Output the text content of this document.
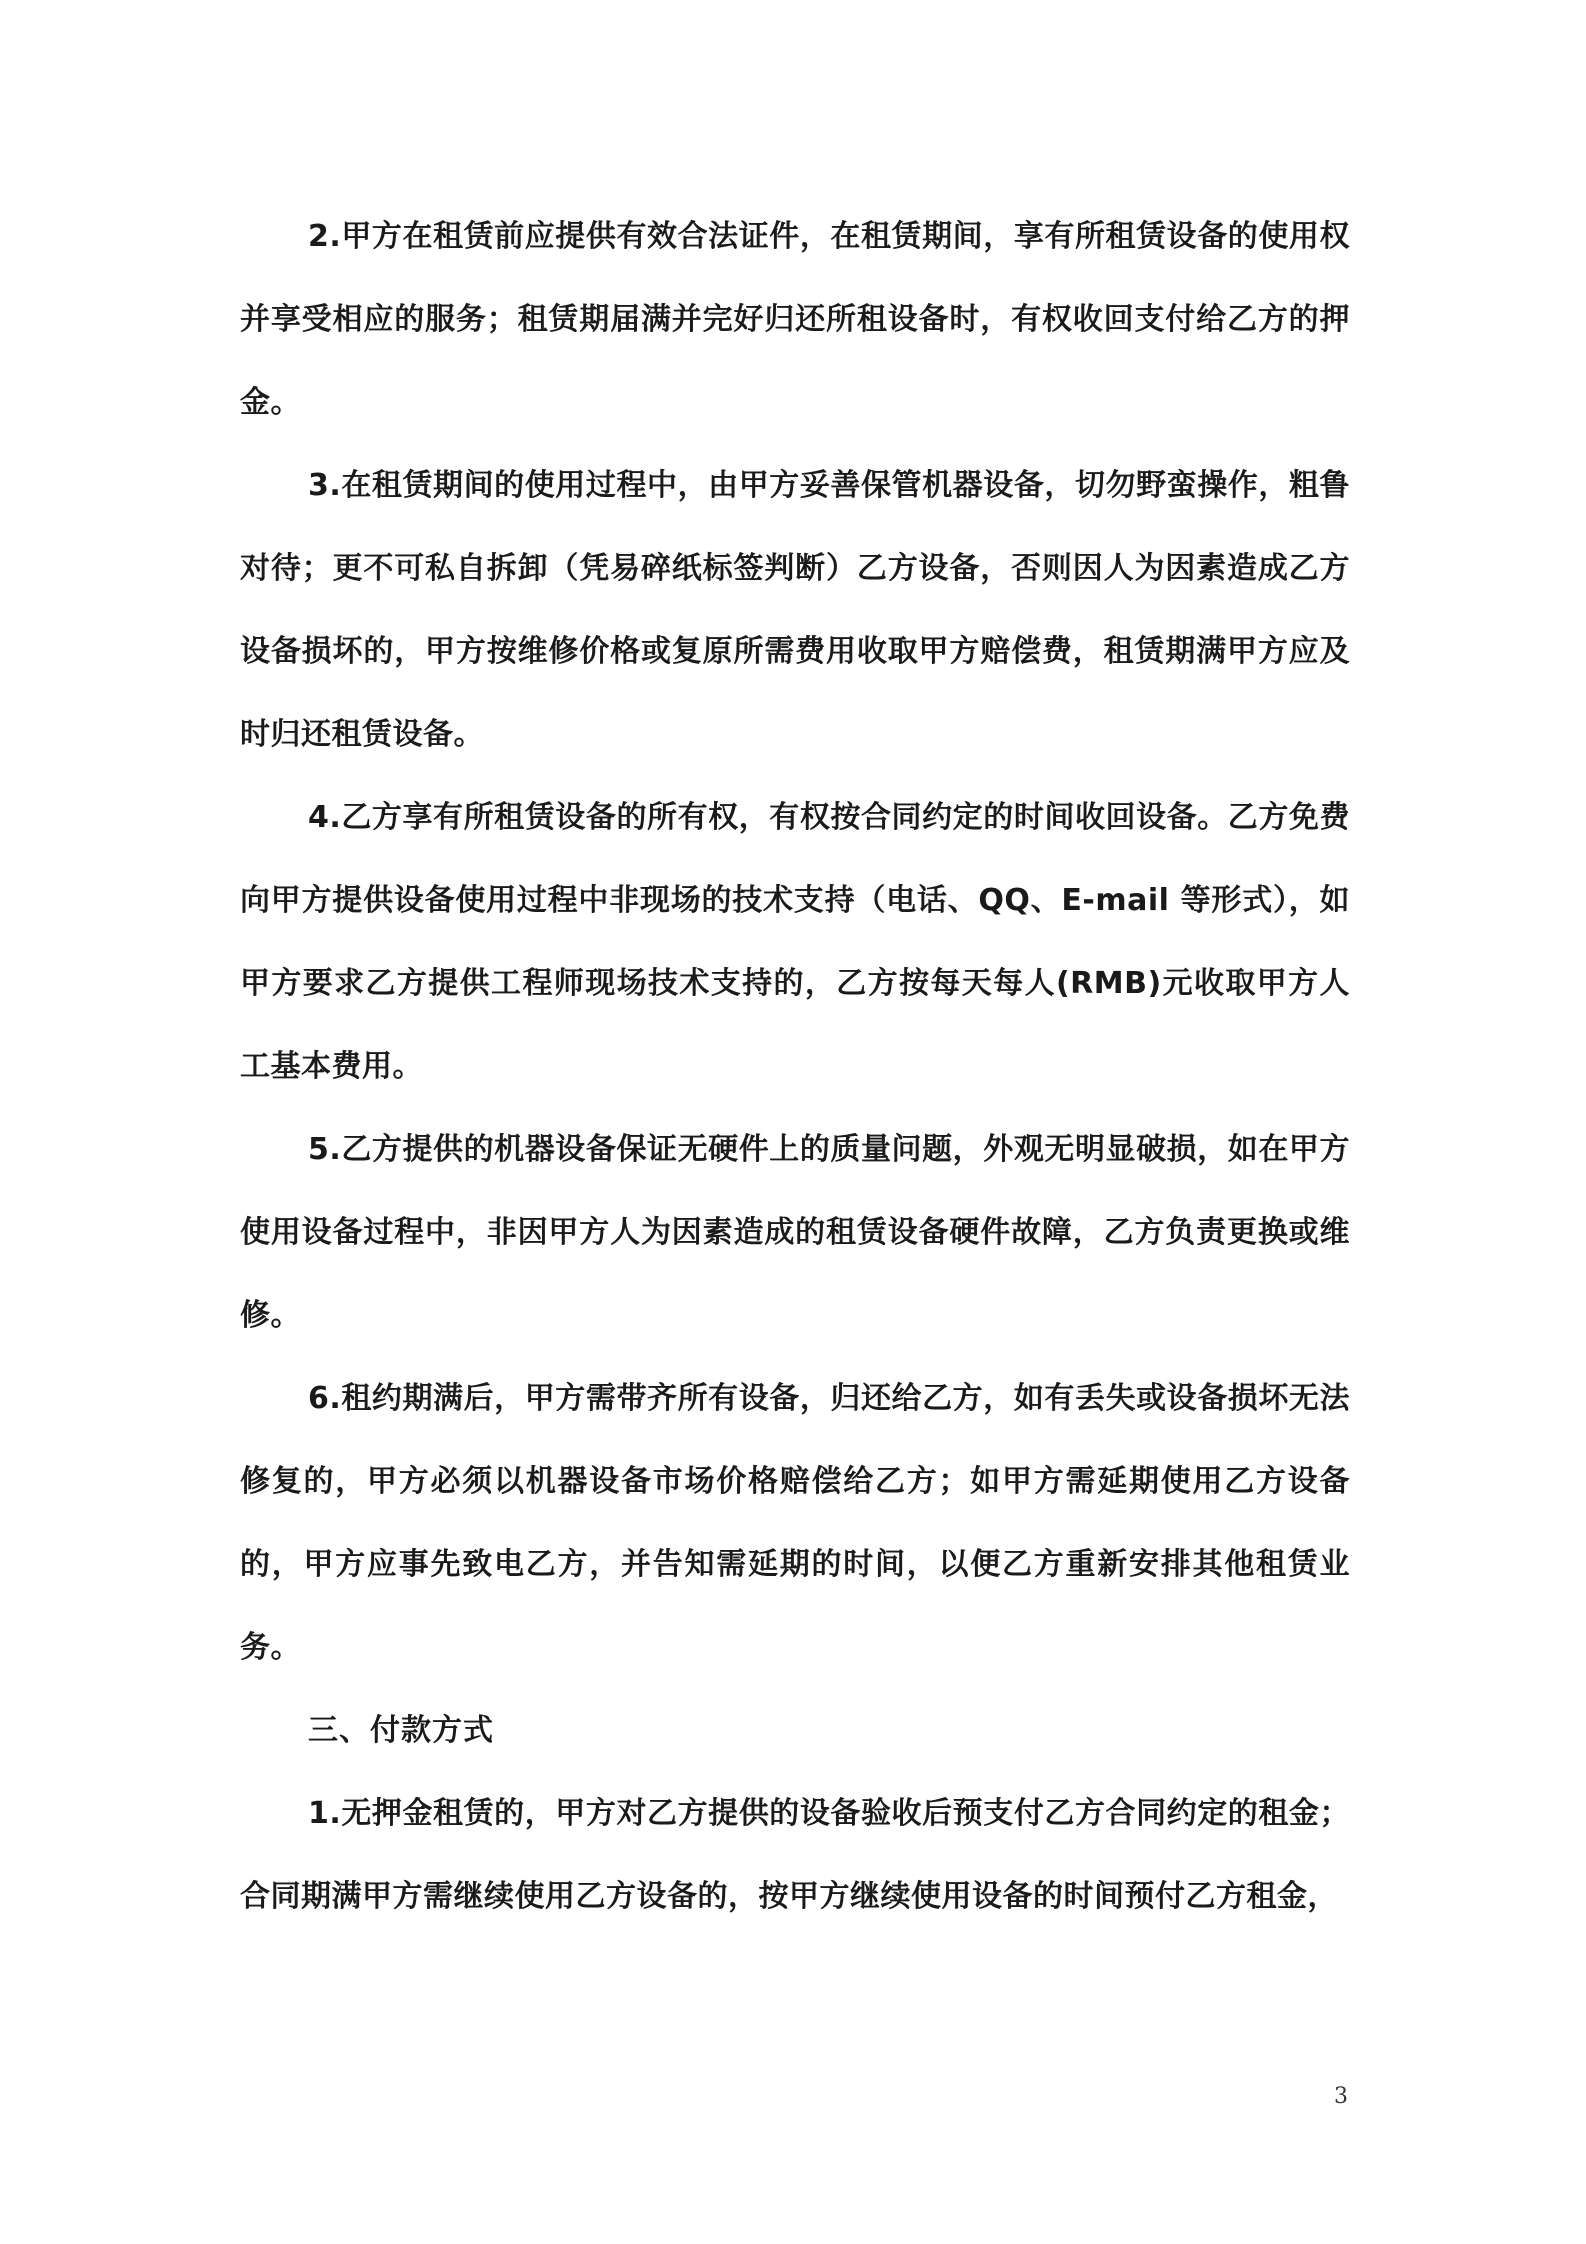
2.甲方在租赁前应提供有效合法证件，在租赁期间，享有所租赁设备的使用权并享受相应的服务；租赁期届满并完好归还所租设备时，有权收回支付给乙方的押金。

3.在租赁期间的使用过程中，由甲方妥善保管机器设备，切勿野蛮操作，粗鲁对待；更不可私自拆卸（凭易碎纸标签判断）乙方设备，否则因人为因素造成乙方设备损坏的，甲方按维修价格或复原所需费用收取甲方赔偿费，租赁期满甲方应及时归还租赁设备。

4.乙方享有所租赁设备的所有权，有权按合同约定的时间收回设备。乙方免费向甲方提供设备使用过程中非现场的技术支持（电话、QQ、E-mail 等形式），如甲方要求乙方提供工程师现场技术支持的，乙方按每天每人(RMB)元收取甲方人工基本费用。

5.乙方提供的机器设备保证无硬件上的质量问题，外观无明显破损，如在甲方使用设备过程中，非因甲方人为因素造成的租赁设备硬件故障，乙方负责更换或维修。

6.租约期满后，甲方需带齐所有设备，归还给乙方，如有丢失或设备损坏无法修复的，甲方必须以机器设备市场价格赔偿给乙方；如甲方需延期使用乙方设备的，甲方应事先致电乙方，并告知需延期的时间，以便乙方重新安排其他租赁业务。

三、付款方式

1.无押金租赁的，甲方对乙方提供的设备验收后预支付乙方合同约定的租金；合同期满甲方需继续使用乙方设备的，按甲方继续使用设备的时间预付乙方租金，

3
